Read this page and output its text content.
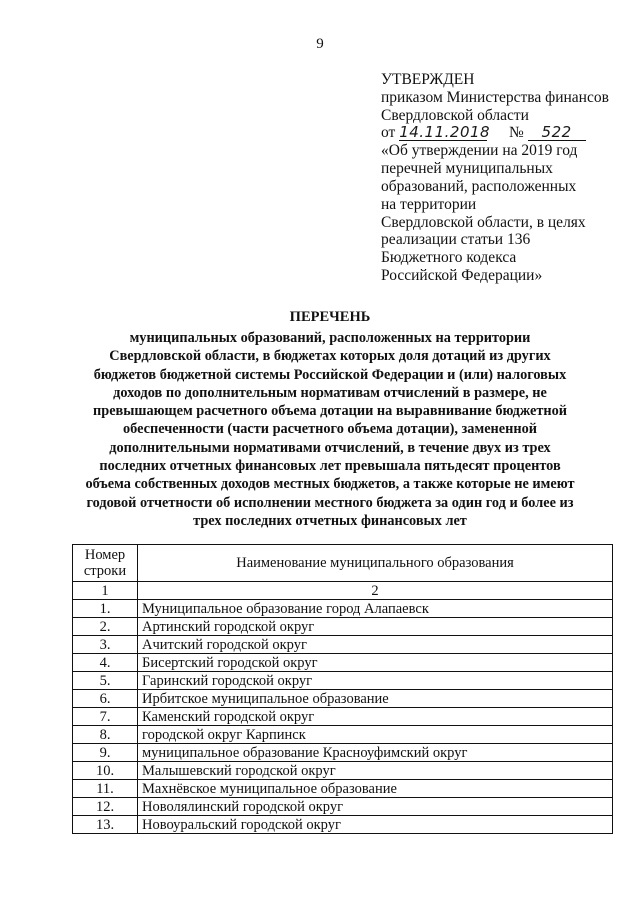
9
УТВЕРЖДЕН
приказом Министерства финансов
Свердловской области
от 14.11.2018 № 522
«Об утверждении на 2019 год
перечней муниципальных
образований, расположенных
на территории
Свердловской области, в целях
реализации статьи 136
Бюджетного кодекса
Российской Федерации»
ПЕРЕЧЕНЬ
муниципальных образований, расположенных на территории
Свердловской области, в бюджетах которых доля дотаций из других
бюджетов бюджетной системы Российской Федерации и (или) налоговых
доходов по дополнительным нормативам отчислений в размере, не
превышающем расчетного объема дотации на выравнивание бюджетной
обеспеченности (части расчетного объема дотации), замененной
дополнительными нормативами отчислений, в течение двух из трех
последних отчетных финансовых лет превышала пятьдесят процентов
объема собственных доходов местных бюджетов, а также которые не имеют
годовой отчетности об исполнении местного бюджета за один год и более из
трех последних отчетных финансовых лет
Номер
строки	Наименование муниципального образования
1	2
1.	Муниципальное образование город Алапаевск
2.	Артинский городской округ
3.	Ачитский городской округ
4.	Бисертский городской округ
5.	Гаринский городской округ
6.	Ирбитское муниципальное образование
7.	Каменский городской округ
8.	городской округ Карпинск
9.	муниципальное образование Красноуфимский округ
10.	Малышевский городской округ
11.	Махнёвское муниципальное образование
12.	Новолялинский городской округ
13.	Новоуральский городской округ
